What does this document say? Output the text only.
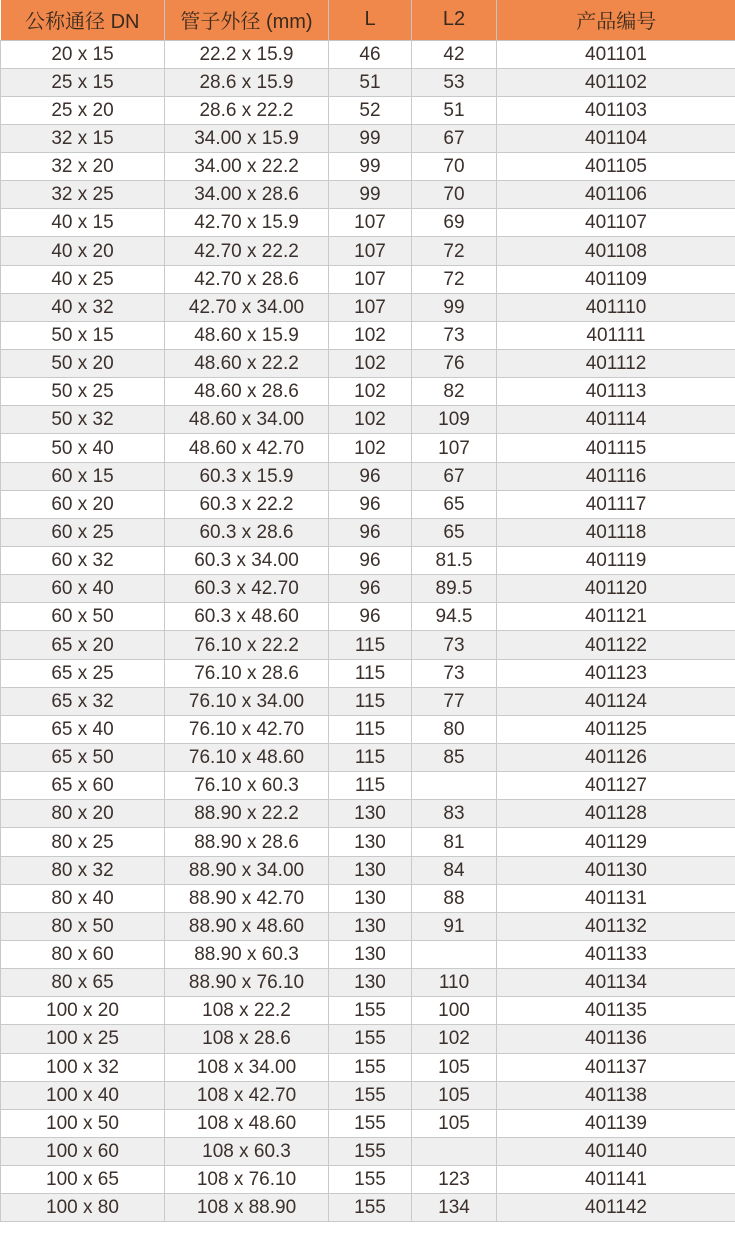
公称通径 DN	管子外径 (mm)	L	L2	产品编号
20 x 15	22.2 x 15.9	46	42	401101
25 x 15	28.6 x 15.9	51	53	401102
25 x 20	28.6 x 22.2	52	51	401103
32 x 15	34.00 x 15.9	99	67	401104
32 x 20	34.00 x 22.2	99	70	401105
32 x 25	34.00 x 28.6	99	70	401106
40 x 15	42.70 x 15.9	107	69	401107
40 x 20	42.70 x 22.2	107	72	401108
40 x 25	42.70 x 28.6	107	72	401109
40 x 32	42.70 x 34.00	107	99	401110
50 x 15	48.60 x 15.9	102	73	401111
50 x 20	48.60 x 22.2	102	76	401112
50 x 25	48.60 x 28.6	102	82	401113
50 x 32	48.60 x 34.00	102	109	401114
50 x 40	48.60 x 42.70	102	107	401115
60 x 15	60.3 x 15.9	96	67	401116
60 x 20	60.3 x 22.2	96	65	401117
60 x 25	60.3 x 28.6	96	65	401118
60 x 32	60.3 x 34.00	96	81.5	401119
60 x 40	60.3 x 42.70	96	89.5	401120
60 x 50	60.3 x 48.60	96	94.5	401121
65 x 20	76.10 x 22.2	115	73	401122
65 x 25	76.10 x 28.6	115	73	401123
65 x 32	76.10 x 34.00	115	77	401124
65 x 40	76.10 x 42.70	115	80	401125
65 x 50	76.10 x 48.60	115	85	401126
65 x 60	76.10 x 60.3	115		401127
80 x 20	88.90 x 22.2	130	83	401128
80 x 25	88.90 x 28.6	130	81	401129
80 x 32	88.90 x 34.00	130	84	401130
80 x 40	88.90 x 42.70	130	88	401131
80 x 50	88.90 x 48.60	130	91	401132
80 x 60	88.90 x 60.3	130		401133
80 x 65	88.90 x 76.10	130	110	401134
100 x 20	108 x 22.2	155	100	401135
100 x 25	108 x 28.6	155	102	401136
100 x 32	108 x 34.00	155	105	401137
100 x 40	108 x 42.70	155	105	401138
100 x 50	108 x 48.60	155	105	401139
100 x 60	108 x 60.3	155		401140
100 x 65	108 x 76.10	155	123	401141
100 x 80	108 x 88.90	155	134	401142
